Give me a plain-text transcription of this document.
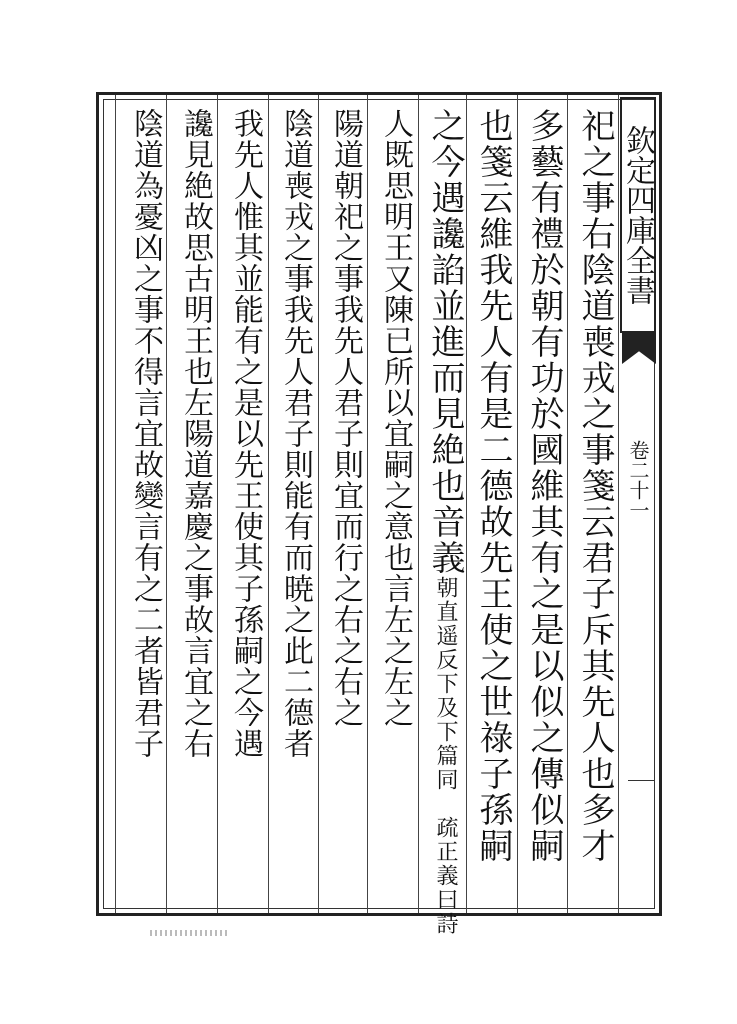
欽定四庫全書
卷二十一
祀之事右陰道喪戎之事箋云君子斥其先人也多才
多藝有禮於朝有功於國維其有之是以似之傳似嗣
也箋云維我先人有是二德故先王使之世祿子孫嗣
之今遇讒諂並進而見絶也音義朝直遥反下及下篇同　疏正義曰詩
人既思明王又陳已所以宜嗣之意也言左之左之
陽道朝祀之事我先人君子則宜而行之右之右之
陰道喪戎之事我先人君子則能有而暁之此二德者
我先人惟其並能有之是以先王使其子孫嗣之今遇
讒見絶故思古明王也左陽道嘉慶之事故言宜之右
陰道為憂凶之事不得言宜故變言有之二者皆君子
